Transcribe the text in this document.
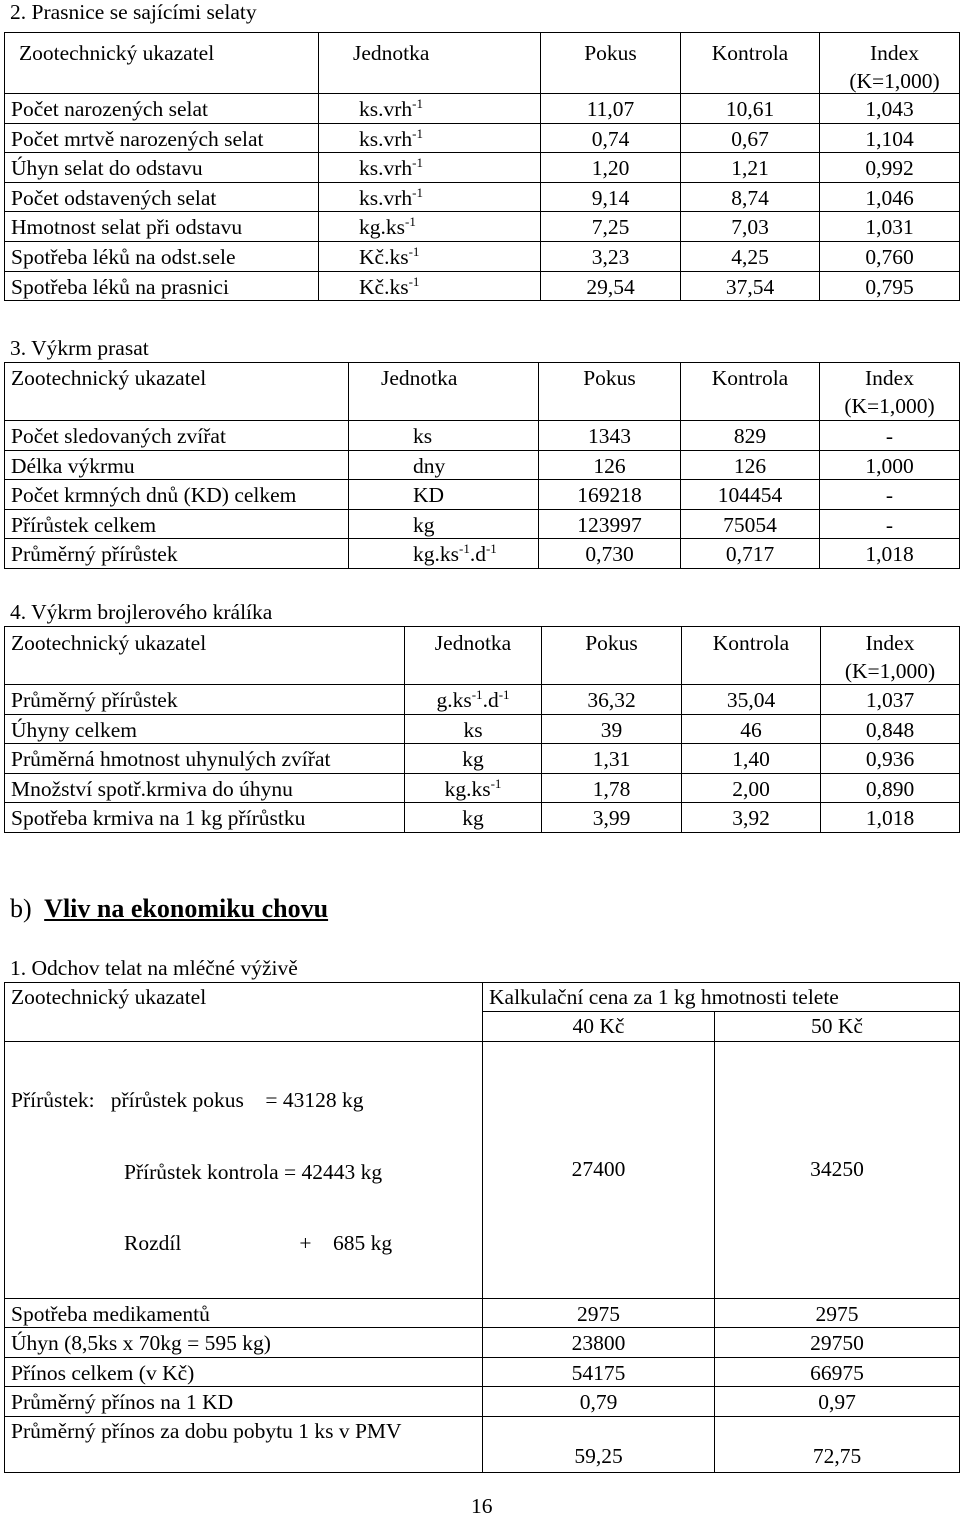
2. Prasnice se sajícími selaty
Zootechnický ukazatel	Jednotka	Pokus	Kontrola	Index
(K=1,000)

Počet narozených selat	ks.vrh$^{-1}$	11,07	10,61	1,043
Počet mrtvě narozených selat	ks.vrh$^{-1}$	0,74	0,67	1,104
Úhyn selat do odstavu	ks.vrh$^{-1}$	1,20	1,21	0,992
Počet odstavených selat	ks.vrh$^{-1}$	9,14	8,74	1,046
Hmotnost selat při odstavu	$kg.ks^{-1}$	7,25	7,03	1,031
Spotřeba léků na odst.sele	$Kč.ks^{-1}$	3,23	4,25	0,760
Spotřeba léků na prasnici	$Kč.ks^{-1}$	29,54	37,54	0,795
3. Výkrm prasat
Zootechnický ukazatel	Jednotka	Pokus	Kontrola	Index
(K=1,000)

Počet sledovaných zvířat	ks	1343	829	-
Délka výkrmu	dny	126	126	1,000
Počet krmných dnů (KD) celkem	KD	169218	104454	-
Přírůstek celkem	kg	123997	75054	-
Průměrný přírůstek	$kg.ks^{-1}.d^{-1}$	0,730	0,717	1,018
4. Výkrm brojlerového králíka
Zootechnický ukazatel	Jednotka	Pokus	Kontrola	Index
(K=1,000)

Průměrný přírůstek	$g.ks^{-1}.d^{-1}$	36,32	35,04	1,037
Úhyny celkem	ks	39	46	0,848
Průměrná hmotnost uhynulých zvířat	kg	1,31	1,40	0,936
Množství spotř.krmiva do úhynu	$kg.ks^{-1}$	1,78	2,00	0,890
Spotřeba krmiva na 1 kg přírůstku	kg	3,99	3,92	1,018
b) Vliv na ekonomiku chovu
1. Odchov telat na mléčné výživě
Zootechnický ukazatel	Kalkulační cena za 1 kg hmotnosti telete	
	40 Kč	50 Kč

Přírůstek:   přírůstek pokus    = 43128 kg

Přírůstek kontrola = 42443 kg

Rozdíl +    685 kg	27400	34250
Spotřeba medikamentů	2975	2975
Úhyn (8,5ks x 70kg = 595 kg)	23800	29750
Přínos celkem (v Kč)	54175	66975
Průměrný přínos na 1 KD	0,79	0,97
Průměrný přínos za dobu pobytu 1 ks v PMV	59,25	72,75
16
